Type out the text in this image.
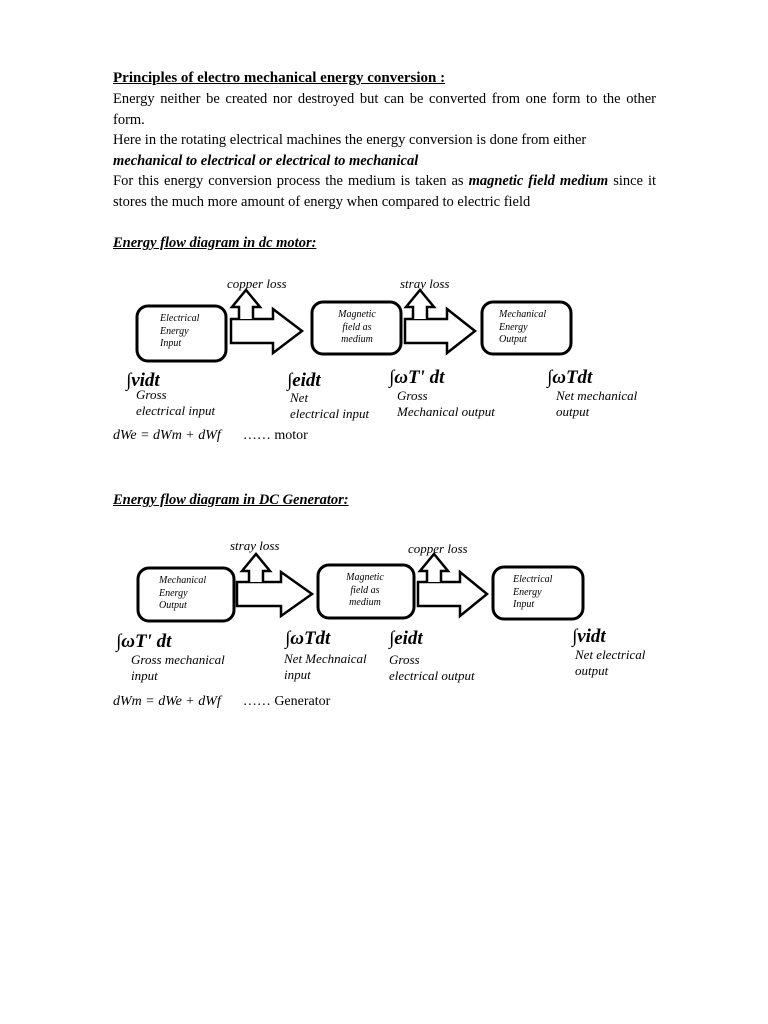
Principles of electro mechanical energy conversion :

Energy neither be created nor destroyed but can be converted from one form to the other form.

Here in the rotating electrical machines the energy conversion is done from either
mechanical to electrical or electrical to mechanical

For this energy conversion process the medium is taken as magnetic field medium since it stores the much more amount of energy when compared to electric field

Energy flow diagram in dc motor:
Electrical
Energy
Input
Magnetic
field as
medium
Mechanical
Energy
Output
copper loss	stray loss
∫vidt	∫eidt	∫ωT' dt	∫ωTdt
Gross
electrical input
Net
electrical input
Gross
Mechanical output
Net mechanical
output
dWe = dWm + dWf …… motor
Energy flow diagram in DC Generator:
Mechanical
Energy
Output
Magnetic
field as
medium
Electrical
Energy
Input
stray loss	copper loss
∫ωT' dt	∫ωTdt	∫eidt	∫vidt
Gross mechanical
input
Net Mechnaical
input
Gross
electrical output
Net electrical
output
dWm = dWe + dWf …… Generator
